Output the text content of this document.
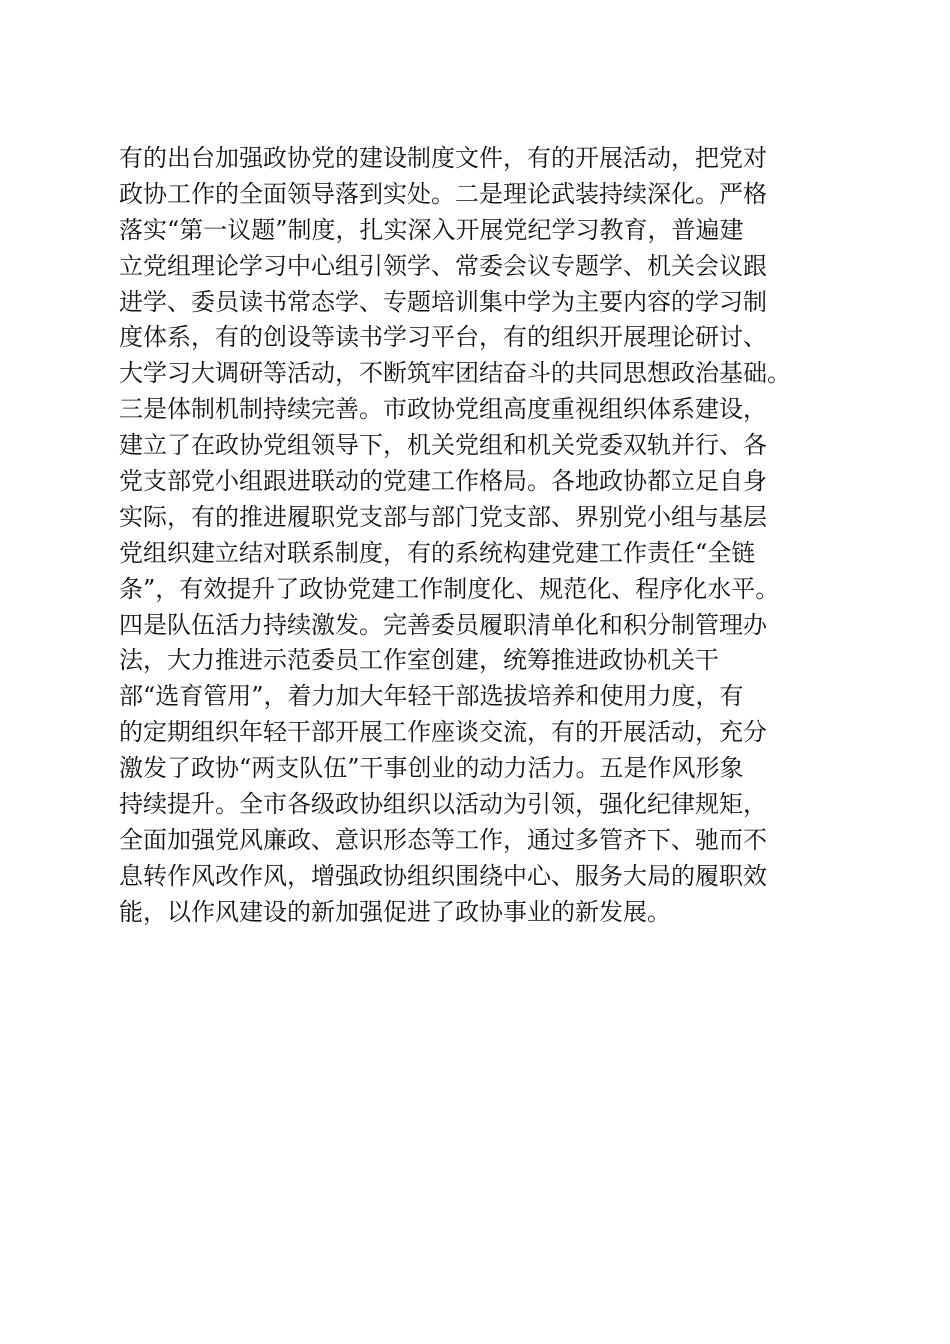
有的出台加强政协党的建设制度文件，有的开展活动，把党对
政协工作的全面领导落到实处。二是理论武装持续深化。严格
落实“第一议题”制度，扎实深入开展党纪学习教育，普遍建
立党组理论学习中心组引领学、常委会议专题学、机关会议跟
进学、委员读书常态学、专题培训集中学为主要内容的学习制
度体系，有的创设等读书学习平台，有的组织开展理论研讨、
大学习大调研等活动，不断筑牢团结奋斗的共同思想政治基础。
三是体制机制持续完善。市政协党组高度重视组织体系建设，
建立了在政协党组领导下，机关党组和机关党委双轨并行、各
党支部党小组跟进联动的党建工作格局。各地政协都立足自身
实际，有的推进履职党支部与部门党支部、界别党小组与基层
党组织建立结对联系制度，有的系统构建党建工作责任“全链
条”，有效提升了政协党建工作制度化、规范化、程序化水平。
四是队伍活力持续激发。完善委员履职清单化和积分制管理办
法，大力推进示范委员工作室创建，统筹推进政协机关干
部“选育管用”，着力加大年轻干部选拔培养和使用力度，有
的定期组织年轻干部开展工作座谈交流，有的开展活动，充分
激发了政协“两支队伍”干事创业的动力活力。五是作风形象
持续提升。全市各级政协组织以活动为引领，强化纪律规矩，
全面加强党风廉政、意识形态等工作，通过多管齐下、驰而不
息转作风改作风，增强政协组织围绕中心、服务大局的履职效
能，以作风建设的新加强促进了政协事业的新发展。
